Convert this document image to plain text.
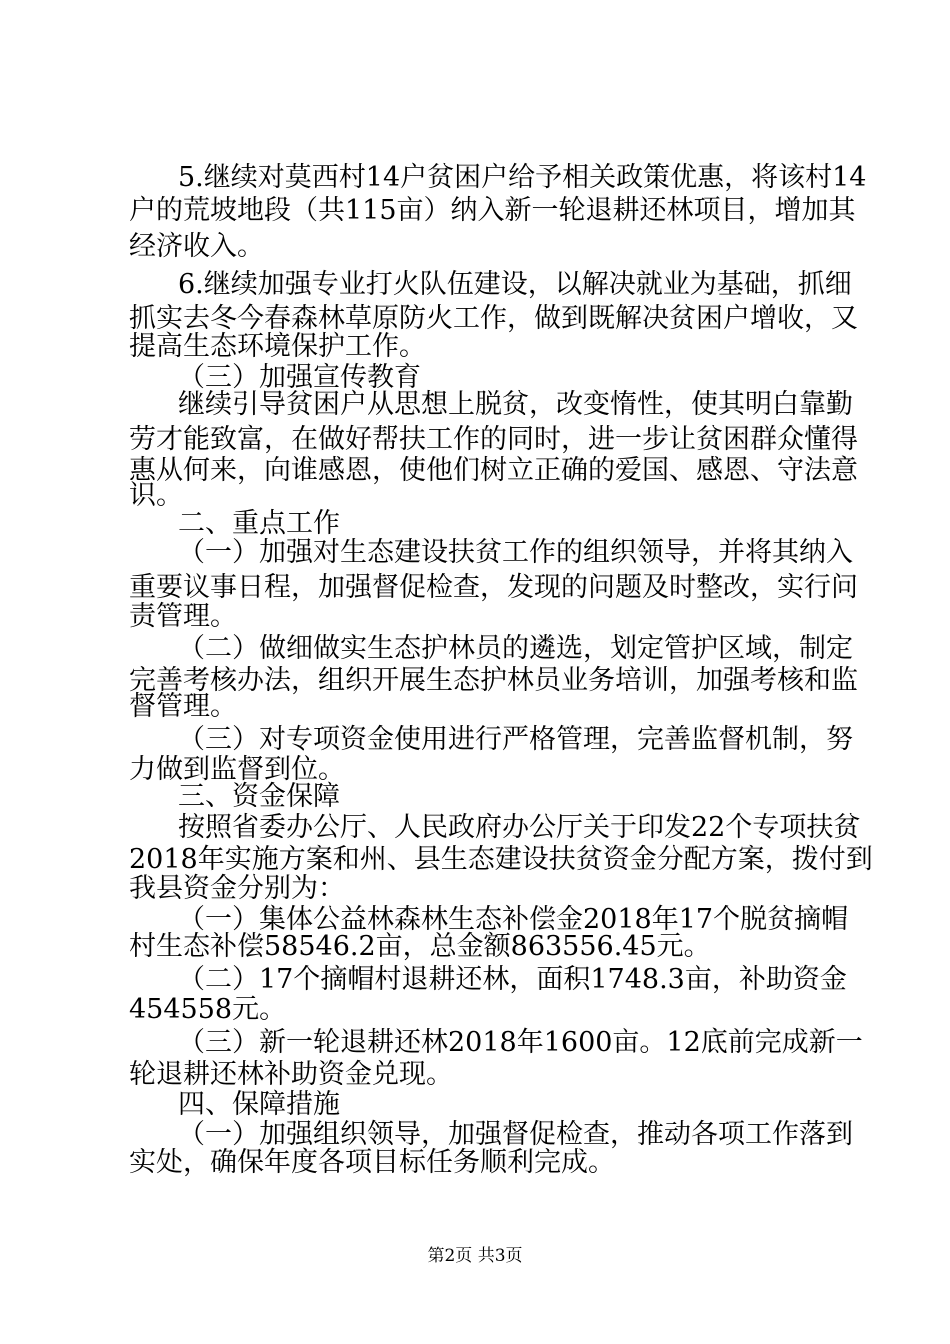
5.继续对莫西村14户贫困户给予相关政策优惠，将该村14
户的荒坡地段（共115亩）纳入新一轮退耕还林项目，增加其
经济收入。
6.继续加强专业打火队伍建设，以解决就业为基础，抓细
抓实去冬今春森林草原防火工作，做到既解决贫困户增收，又
提高生态环境保护工作。
（三）加强宣传教育
继续引导贫困户从思想上脱贫，改变惰性，使其明白靠勤
劳才能致富，在做好帮扶工作的同时，进一步让贫困群众懂得
惠从何来，向谁感恩，使他们树立正确的爱国、感恩、守法意
识。
二、重点工作
（一）加强对生态建设扶贫工作的组织领导，并将其纳入
重要议事日程，加强督促检查，发现的问题及时整改，实行问
责管理。
（二）做细做实生态护林员的遴选，划定管护区域，制定
完善考核办法，组织开展生态护林员业务培训，加强考核和监
督管理。
（三）对专项资金使用进行严格管理，完善监督机制，努
力做到监督到位。
三、资金保障
按照省委办公厅、人民政府办公厅关于印发22个专项扶贫
2018年实施方案和州、县生态建设扶贫资金分配方案，拨付到
我县资金分别为：
（一）集体公益林森林生态补偿金2018年17个脱贫摘帽
村生态补偿58546.2亩，总金额863556.45元。
（二）17个摘帽村退耕还林，面积1748.3亩，补助资金
454558元。
（三）新一轮退耕还林2018年1600亩。12底前完成新一
轮退耕还林补助资金兑现。
四、保障措施
（一）加强组织领导，加强督促检查，推动各项工作落到
实处，确保年度各项目标任务顺利完成。
第2页 共3页
